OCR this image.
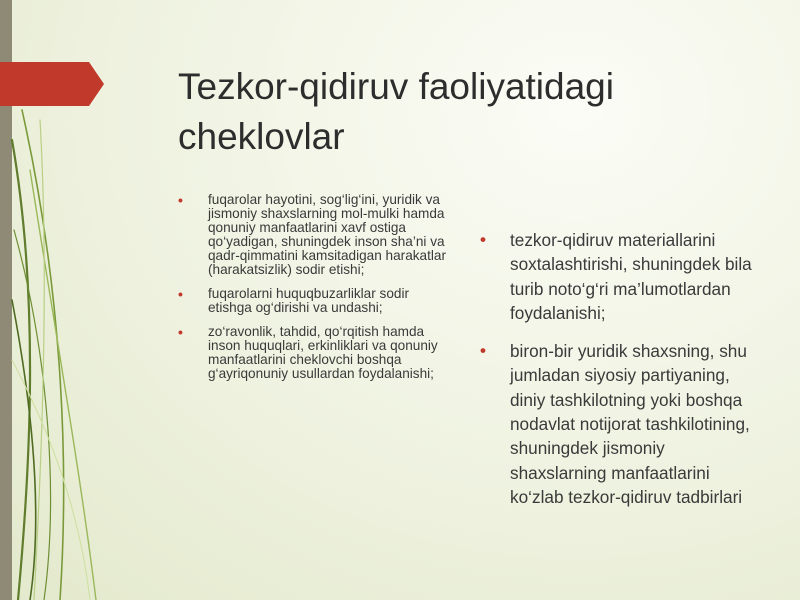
Tezkor-qidiruv faoliyatidagi cheklovlar
• fuqarolar hayotini, sog‘lig‘ini, yuridik va jismoniy shaxslarning mol-mulki hamda qonuniy manfaatlarini xavf ostiga qo‘yadigan, shuningdek inson sha’ni va qadr-qimmatini kamsitadigan harakatlar (harakatsizlik) sodir etishi;
• fuqarolarni huquqbuzarliklar sodir etishga og‘dirishi va undashi;
• zo‘ravonlik, tahdid, qo‘rqitish hamda inson huquqlari, erkinliklari va qonuniy manfaatlarini cheklovchi boshqa g‘ayriqonuniy usullardan foydalanishi;
• tezkor-qidiruv materiallarini soxtalashtirishi, shuningdek bila turib noto‘g‘ri ma’lumotlardan foydalanishi;
• biron-bir yuridik shaxsning, shu jumladan siyosiy partiyaning, diniy tashkilotning yoki boshqa nodavlat notijorat tashkilotining, shuningdek jismoniy shaxslarning manfaatlarini ko‘zlab tezkor-qidiruv tadbirlari
